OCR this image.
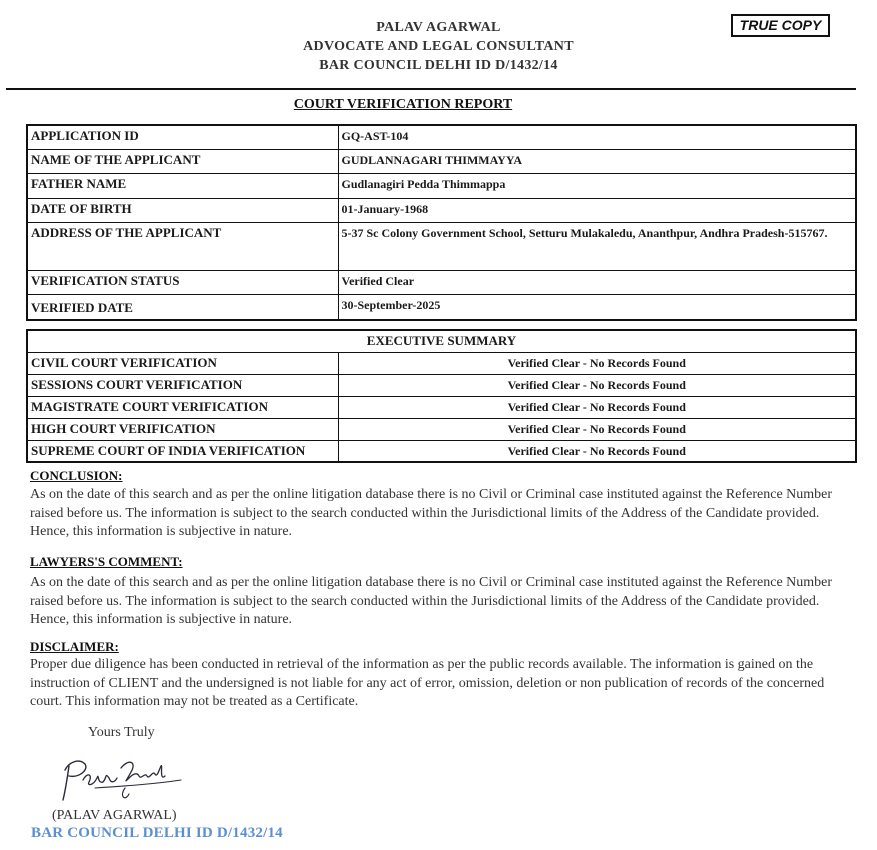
PALAV AGARWAL
ADVOCATE AND LEGAL CONSULTANT
BAR COUNCIL DELHI ID D/1432/14
TRUE COPY
COURT VERIFICATION REPORT
APPLICATION ID	GQ-AST-104
NAME OF THE APPLICANT	GUDLANNAGARI THIMMAYYA
FATHER NAME	Gudlanagiri Pedda Thimmappa
DATE OF BIRTH	01-January-1968
ADDRESS OF THE APPLICANT	5-37 Sc Colony Government School, Setturu Mulakaledu, Ananthpur, Andhra Pradesh-515767.
VERIFICATION STATUS	Verified Clear
VERIFIED DATE	30-September-2025
EXECUTIVE SUMMARY	
CIVIL COURT VERIFICATION	Verified Clear - No Records Found
SESSIONS COURT VERIFICATION	Verified Clear - No Records Found
MAGISTRATE COURT VERIFICATION	Verified Clear - No Records Found
HIGH COURT VERIFICATION	Verified Clear - No Records Found
SUPREME COURT OF INDIA VERIFICATION	Verified Clear - No Records Found
CONCLUSION:
As on the date of this search and as per the online litigation database there is no Civil or Criminal case instituted against the Reference Number raised before us. The information is subject to the search conducted within the Jurisdictional limits of the Address of the Candidate provided. Hence, this information is subjective in nature.
LAWYERS'S COMMENT:
As on the date of this search and as per the online litigation database there is no Civil or Criminal case instituted against the Reference Number raised before us. The information is subject to the search conducted within the Jurisdictional limits of the Address of the Candidate provided. Hence, this information is subjective in nature.
DISCLAIMER:
Proper due diligence has been conducted in retrieval of the information as per the public records available. The information is gained on the instruction of CLIENT and the undersigned is not liable for any act of error, omission, deletion or non publication of records of the concerned court. This information may not be treated as a Certificate.
Yours Truly
Palav Agarwal
(PALAV AGARWAL)
BAR COUNCIL DELHI ID D/1432/14
